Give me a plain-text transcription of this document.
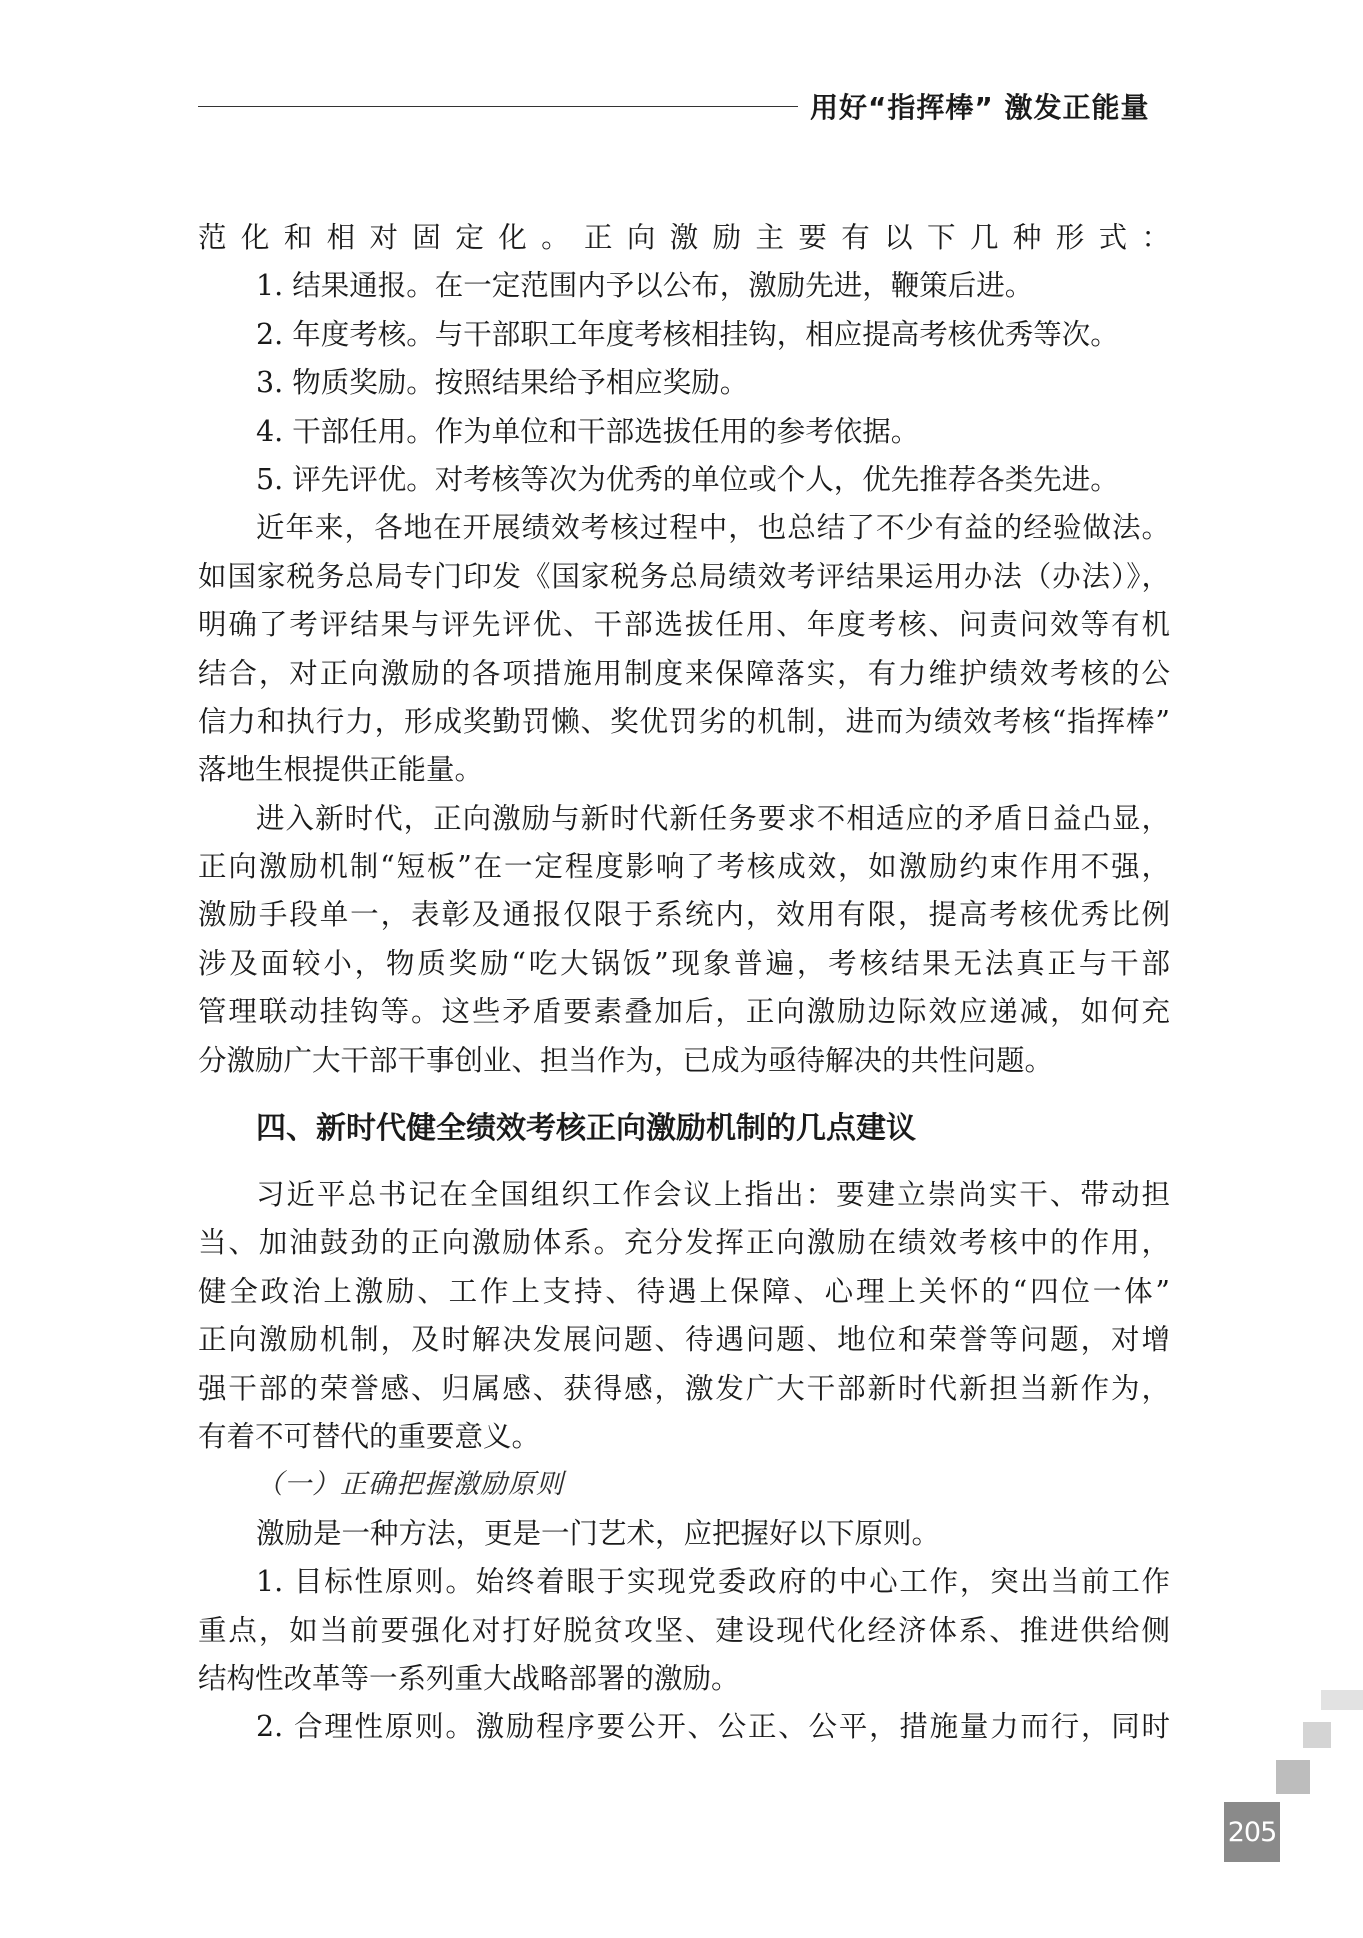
用好“指挥棒” 激发正能量
范化和相对固定化。正向激励主要有以下几种形式：
1. 结果通报。在一定范围内予以公布，激励先进，鞭策后进。
2. 年度考核。与干部职工年度考核相挂钩，相应提高考核优秀等次。
3. 物质奖励。按照结果给予相应奖励。
4. 干部任用。作为单位和干部选拔任用的参考依据。
5. 评先评优。对考核等次为优秀的单位或个人，优先推荐各类先进。
近年来，各地在开展绩效考核过程中，也总结了不少有益的经验做法。
如国家税务总局专门印发《国家税务总局绩效考评结果运用办法（办法）》，
明确了考评结果与评先评优、干部选拔任用、年度考核、问责问效等有机
结合，对正向激励的各项措施用制度来保障落实，有力维护绩效考核的公
信力和执行力，形成奖勤罚懒、奖优罚劣的机制，进而为绩效考核“指挥棒”
落地生根提供正能量。
进入新时代，正向激励与新时代新任务要求不相适应的矛盾日益凸显，
正向激励机制“短板”在一定程度影响了考核成效，如激励约束作用不强，
激励手段单一，表彰及通报仅限于系统内，效用有限，提高考核优秀比例
涉及面较小，物质奖励“吃大锅饭”现象普遍，考核结果无法真正与干部
管理联动挂钩等。这些矛盾要素叠加后，正向激励边际效应递减，如何充
分激励广大干部干事创业、担当作为，已成为亟待解决的共性问题。
四、新时代健全绩效考核正向激励机制的几点建议
习近平总书记在全国组织工作会议上指出：要建立崇尚实干、带动担
当、加油鼓劲的正向激励体系。充分发挥正向激励在绩效考核中的作用，
健全政治上激励、工作上支持、待遇上保障、心理上关怀的“四位一体”
正向激励机制，及时解决发展问题、待遇问题、地位和荣誉等问题，对增
强干部的荣誉感、归属感、获得感，激发广大干部新时代新担当新作为，
有着不可替代的重要意义。
（一）正确把握激励原则
激励是一种方法，更是一门艺术，应把握好以下原则。
1. 目标性原则。始终着眼于实现党委政府的中心工作，突出当前工作
重点，如当前要强化对打好脱贫攻坚、建设现代化经济体系、推进供给侧
结构性改革等一系列重大战略部署的激励。
2. 合理性原则。激励程序要公开、公正、公平，措施量力而行，同时
205
